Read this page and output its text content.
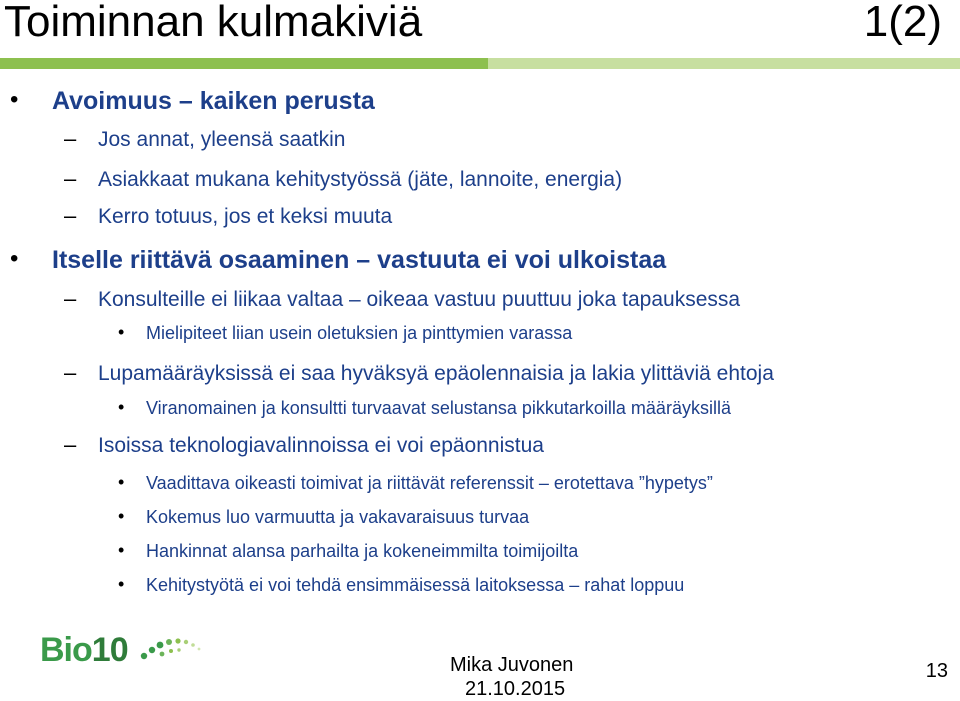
Toiminnan kulmakiviä	1(2)
• Avoimuus – kaiken perusta
– Jos annat, yleensä saatkin
– Asiakkaat mukana kehitystyössä (jäte, lannoite, energia)
– Kerro totuus, jos et keksi muuta
• Itselle riittävä osaaminen – vastuuta ei voi ulkoistaa
– Konsulteille ei liikaa valtaa – oikeaa vastuu puuttuu joka tapauksessa
• Mielipiteet liian usein oletuksien ja pinttymien varassa
– Lupamääräyksissä ei saa hyväksyä epäolennaisia ja lakia ylittäviä ehtoja
• Viranomainen ja konsultti turvaavat selustansa pikkutarkoilla määräyksillä
– Isoissa teknologiavalinnoissa ei voi epäonnistua
• Vaadittava oikeasti toimivat ja riittävät referenssit – erotettava ”hypetys”
• Kokemus luo varmuutta ja vakavaraisuus turvaa
• Hankinnat alansa parhailta ja kokeneimmilta toimijoilta
• Kehitystyötä ei voi tehdä ensimmäisessä laitoksessa – rahat loppuu
Bio10	Mika Juvonen
21.10.2015
13
